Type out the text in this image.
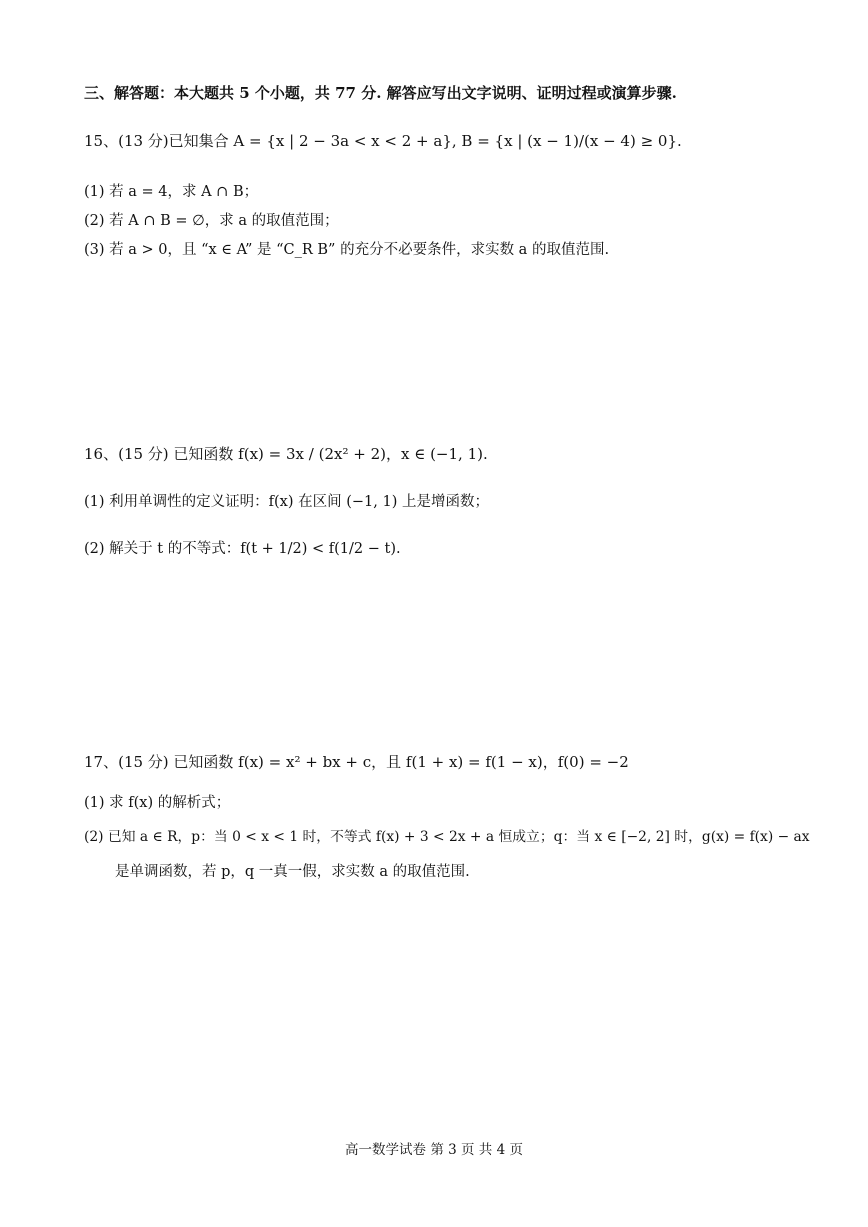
三、解答题：本大题共 5 个小题，共 77 分. 解答应写出文字说明、证明过程或演算步骤.
15、(13 分)已知集合 A = {x | 2 − 3a < x < 2 + a}, B = {x | (x − 1)/(x − 4) ≥ 0}.
(1) 若 a = 4，求 A ∩ B；
(2) 若 A ∩ B = ∅，求 a 的取值范围；
(3) 若 a > 0，且 “x ∈ A” 是 “C_R B” 的充分不必要条件，求实数 a 的取值范围.
16、(15 分) 已知函数 f(x) = 3x / (2x² + 2)，x ∈ (−1, 1).
(1) 利用单调性的定义证明：f(x) 在区间 (−1, 1) 上是增函数；
(2) 解关于 t 的不等式：f(t + 1/2) < f(1/2 − t).
17、(15 分) 已知函数 f(x) = x² + bx + c，且 f(1 + x) = f(1 − x)，f(0) = −2
(1) 求 f(x) 的解析式；
(2) 已知 a ∈ R，p：当 0 < x < 1 时，不等式 f(x) + 3 < 2x + a 恒成立；q：当 x ∈ [−2, 2] 时，g(x) = f(x) − ax
是单调函数，若 p，q 一真一假，求实数 a 的取值范围.
高一数学试卷 第 3 页 共 4 页
